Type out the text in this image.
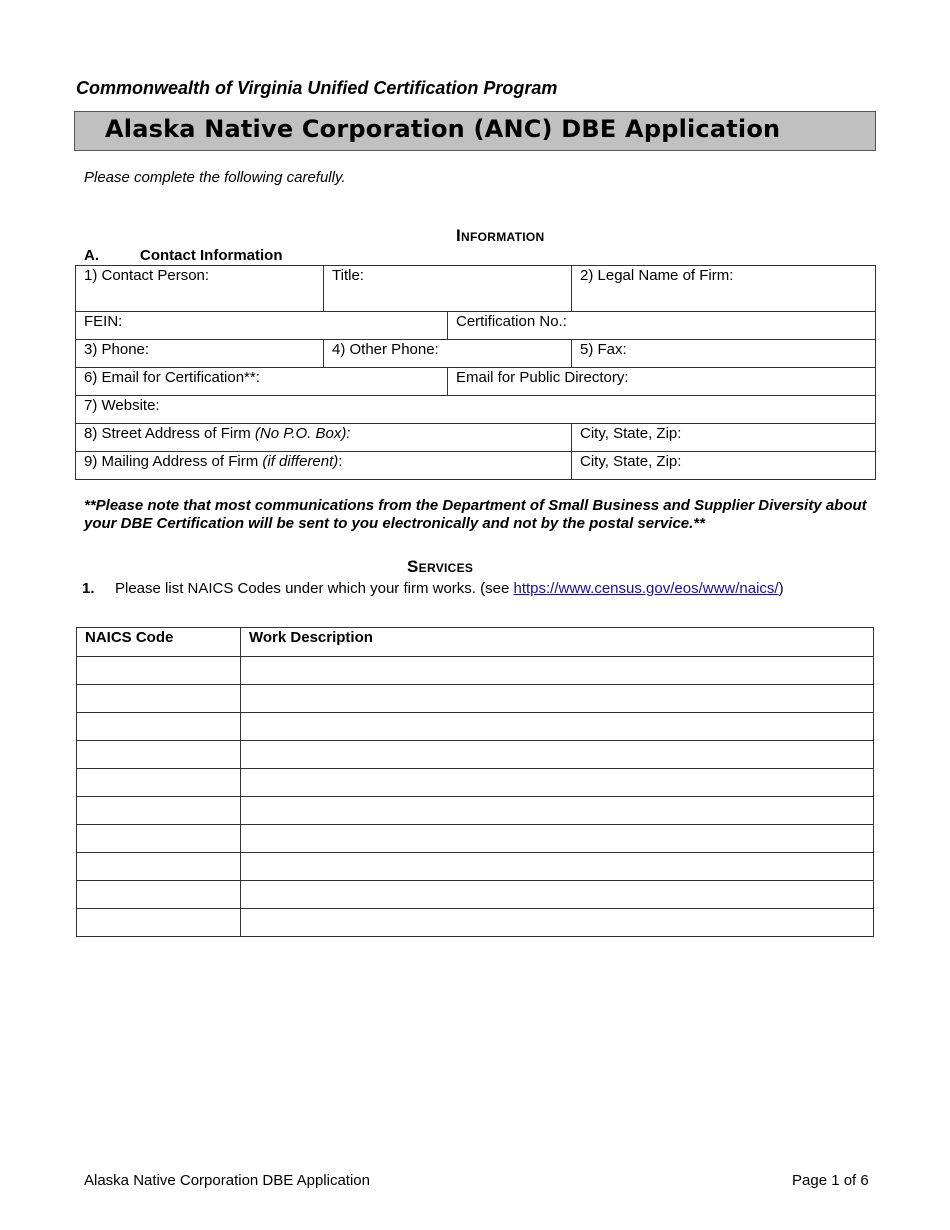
Commonwealth of Virginia Unified Certification Program
Alaska Native Corporation (ANC) DBE Application
Please complete the following carefully.
Information
A.	Contact Information
1) Contact Person:	Title:		2) Legal Name of Firm:

FEIN:		Certification No.:	

3) Phone:	4) Other Phone:		5) Fax:

6) Email for Certification**:		Email for Public Directory:	

7) Website:			

8) Street Address of Firm (No P.O. Box):			City, State, Zip:

9) Mailing Address of Firm (if different):			City, State, Zip:
**Please note that most communications from the Department of Small Business and Supplier Diversity about your DBE Certification will be sent to you electronically and not by the postal service.**
Services
1. Please list NAICS Codes under which your firm works. (see https://www.census.gov/eos/www/naics/)
NAICS Code	Work Description

Alaska Native Corporation DBE Application	Page 1 of 6
